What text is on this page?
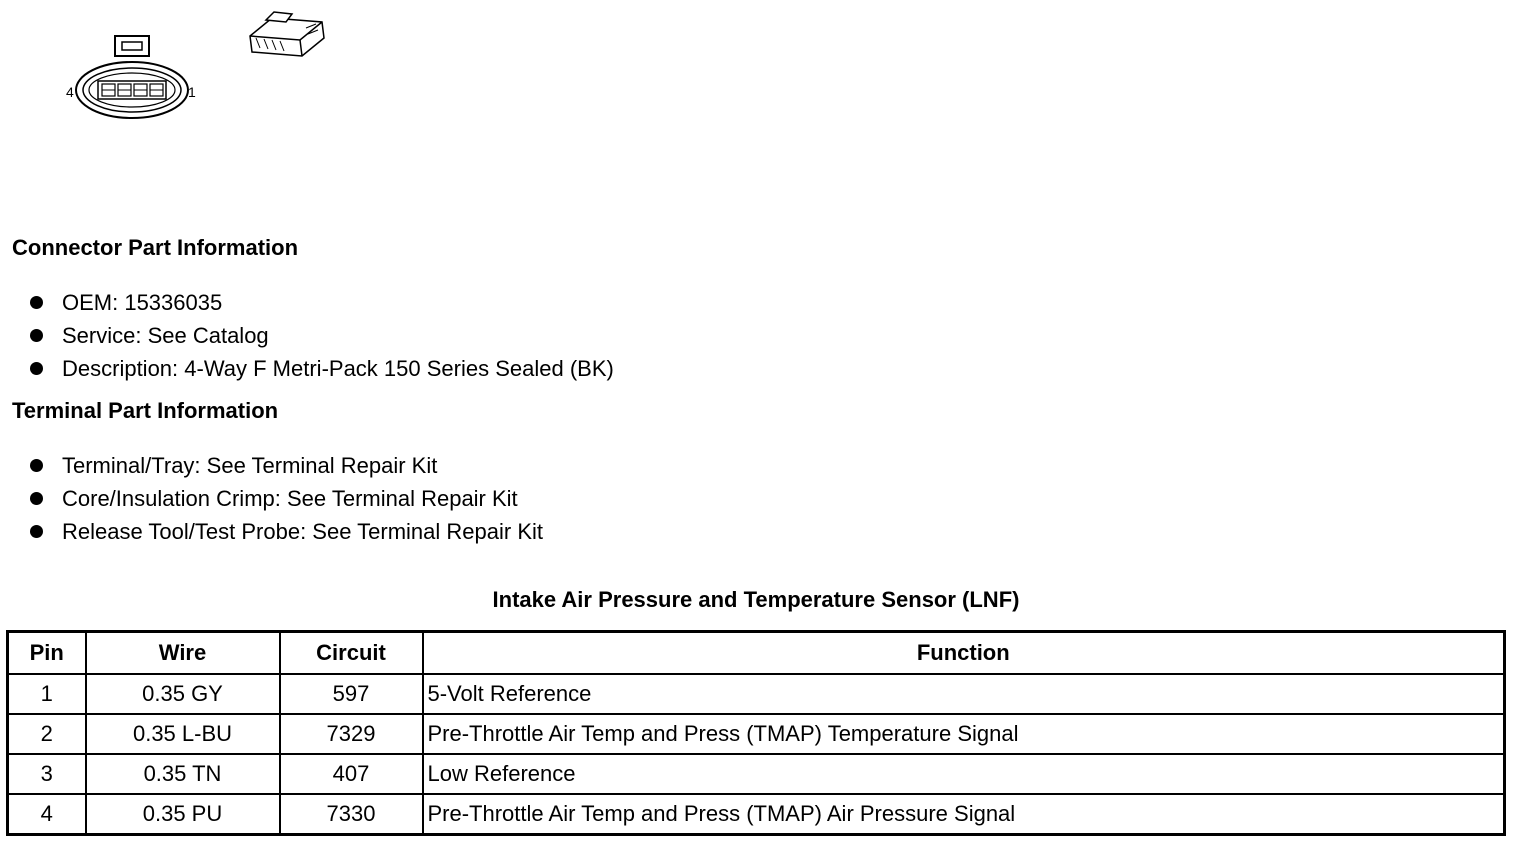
4	1
Connector Part Information
OEM: 15336035
Service: See Catalog
Description: 4-Way F Metri-Pack 150 Series Sealed (BK)
Terminal Part Information
Terminal/Tray: See Terminal Repair Kit
Core/Insulation Crimp: See Terminal Repair Kit
Release Tool/Test Probe: See Terminal Repair Kit
Intake Air Pressure and Temperature Sensor (LNF)
Pin	Wire	Circuit	Function
1	0.35 GY	597	5-Volt Reference
2	0.35 L-BU	7329	Pre-Throttle Air Temp and Press (TMAP) Temperature Signal
3	0.35 TN	407	Low Reference
4	0.35 PU	7330	Pre-Throttle Air Temp and Press (TMAP) Air Pressure Signal
